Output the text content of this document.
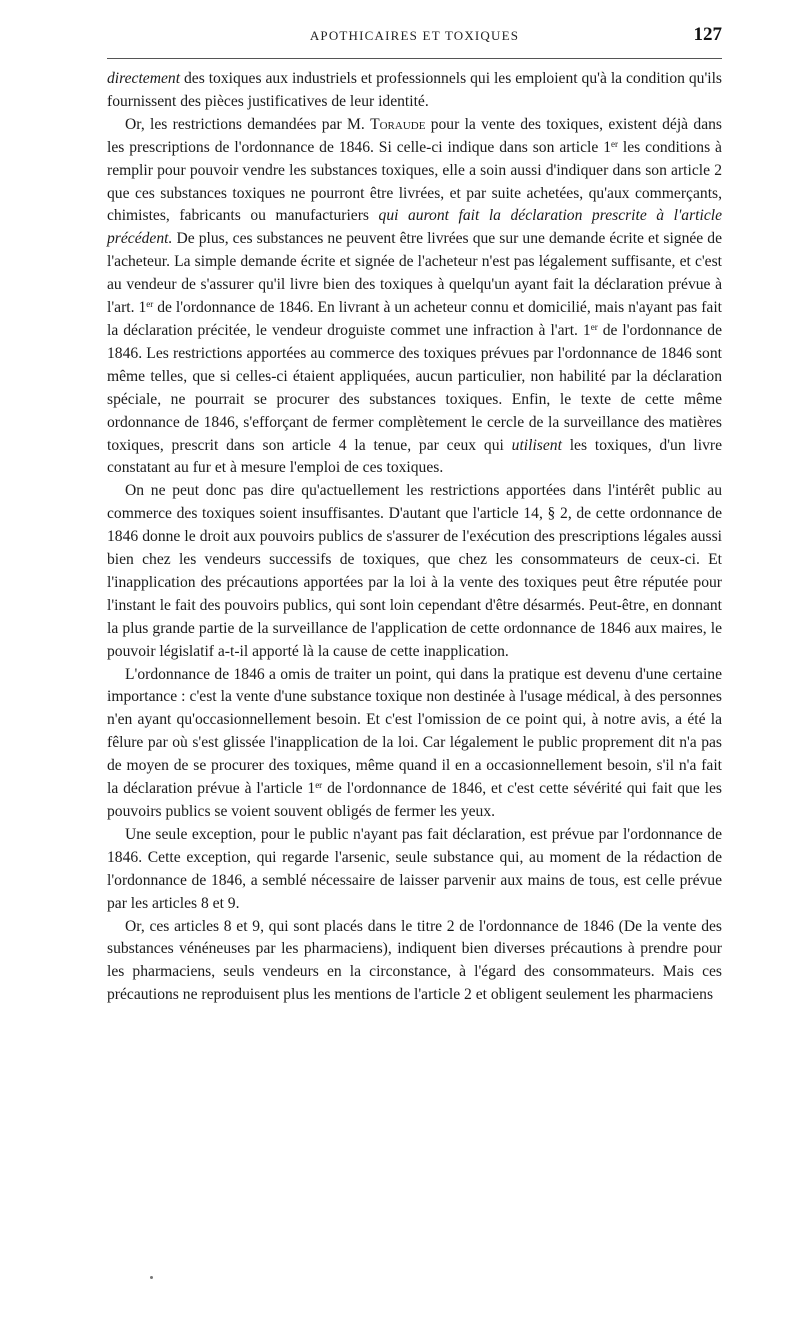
APOTHICAIRES ET TOXIQUES	127

directement des toxiques aux industriels et professionnels qui les emploient qu'à la condition qu'ils fournissent des pièces justificatives de leur identité.

Or, les restrictions demandées par M. Toraude pour la vente des toxiques, existent déjà dans les prescriptions de l'ordonnance de 1846. Si celle-ci indique dans son article 1er les conditions à remplir pour pouvoir vendre les substances toxiques, elle a soin aussi d'indiquer dans son article 2 que ces substances toxiques ne pourront être livrées, et par suite achetées, qu'aux commerçants, chimistes, fabricants ou manufacturiers qui auront fait la déclaration prescrite à l'article précédent. De plus, ces substances ne peuvent être livrées que sur une demande écrite et signée de l'acheteur. La simple demande écrite et signée de l'acheteur n'est pas légalement suffisante, et c'est au vendeur de s'assurer qu'il livre bien des toxiques à quelqu'un ayant fait la déclaration prévue à l'art. 1er de l'ordonnance de 1846. En livrant à un acheteur connu et domicilié, mais n'ayant pas fait la déclaration précitée, le vendeur droguiste commet une infraction à l'art. 1er de l'ordonnance de 1846. Les restrictions apportées au commerce des toxiques prévues par l'ordonnance de 1846 sont même telles, que si celles-ci étaient appliquées, aucun particulier, non habilité par la déclaration spéciale, ne pourrait se procurer des substances toxiques. Enfin, le texte de cette même ordonnance de 1846, s'efforçant de fermer complètement le cercle de la surveillance des matières toxiques, prescrit dans son article 4 la tenue, par ceux qui utilisent les toxiques, d'un livre constatant au fur et à mesure l'emploi de ces toxiques.

On ne peut donc pas dire qu'actuellement les restrictions apportées dans l'intérêt public au commerce des toxiques soient insuffisantes. D'autant que l'article 14, § 2, de cette ordonnance de 1846 donne le droit aux pouvoirs publics de s'assurer de l'exécution des prescriptions légales aussi bien chez les vendeurs successifs de toxiques, que chez les consommateurs de ceux-ci. Et l'inapplication des précautions apportées par la loi à la vente des toxiques peut être réputée pour l'instant le fait des pouvoirs publics, qui sont loin cependant d'être désarmés. Peut-être, en donnant la plus grande partie de la surveillance de l'application de cette ordonnance de 1846 aux maires, le pouvoir législatif a-t-il apporté là la cause de cette inapplication.

L'ordonnance de 1846 a omis de traiter un point, qui dans la pratique est devenu d'une certaine importance : c'est la vente d'une substance toxique non destinée à l'usage médical, à des personnes n'en ayant qu'occasionnellement besoin. Et c'est l'omission de ce point qui, à notre avis, a été la fêlure par où s'est glissée l'inapplication de la loi. Car légalement le public proprement dit n'a pas de moyen de se procurer des toxiques, même quand il en a occasionnellement besoin, s'il n'a fait la déclaration prévue à l'article 1er de l'ordonnance de 1846, et c'est cette sévérité qui fait que les pouvoirs publics se voient souvent obligés de fermer les yeux.

Une seule exception, pour le public n'ayant pas fait déclaration, est prévue par l'ordonnance de 1846. Cette exception, qui regarde l'arsenic, seule substance qui, au moment de la rédaction de l'ordonnance de 1846, a semblé nécessaire de laisser parvenir aux mains de tous, est celle prévue par les articles 8 et 9.

Or, ces articles 8 et 9, qui sont placés dans le titre 2 de l'ordonnance de 1846 (De la vente des substances vénéneuses par les pharmaciens), indiquent bien diverses précautions à prendre pour les pharmaciens, seuls vendeurs en la circonstance, à l'égard des consommateurs. Mais ces précautions ne reproduisent plus les mentions de l'article 2 et obligent seulement les pharmaciens
